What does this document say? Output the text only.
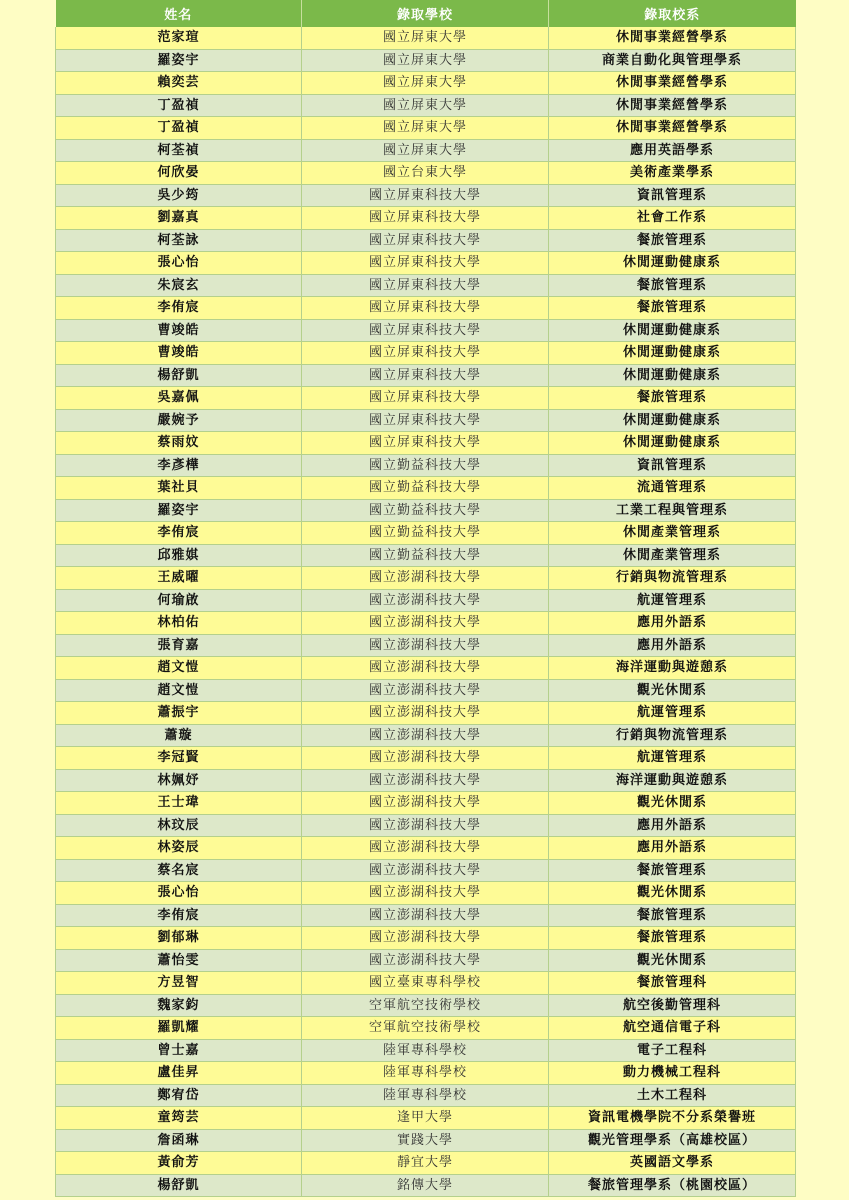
姓名	錄取學校	錄取校系
范家瑄	國立屏東大學	休閒事業經營學系
羅姿宇	國立屏東大學	商業自動化與管理學系
賴奕芸	國立屏東大學	休閒事業經營學系
丁盈禎	國立屏東大學	休閒事業經營學系
丁盈禎	國立屏東大學	休閒事業經營學系
柯荃禎	國立屏東大學	應用英語學系
何欣晏	國立台東大學	美術產業學系
吳少筠	國立屏東科技大學	資訊管理系
劉嘉真	國立屏東科技大學	社會工作系
柯荃詠	國立屏東科技大學	餐旅管理系
張心怡	國立屏東科技大學	休閒運動健康系
朱宸玄	國立屏東科技大學	餐旅管理系
李侑宸	國立屏東科技大學	餐旅管理系
曹竣皓	國立屏東科技大學	休閒運動健康系
曹竣皓	國立屏東科技大學	休閒運動健康系
楊舒凱	國立屏東科技大學	休閒運動健康系
吳嘉佩	國立屏東科技大學	餐旅管理系
嚴婉予	國立屏東科技大學	休閒運動健康系
蔡雨妏	國立屏東科技大學	休閒運動健康系
李彥樺	國立勤益科技大學	資訊管理系
葉社貝	國立勤益科技大學	流通管理系
羅姿宇	國立勤益科技大學	工業工程與管理系
李侑宸	國立勤益科技大學	休閒產業管理系
邱雅娸	國立勤益科技大學	休閒產業管理系
王威曜	國立澎湖科技大學	行銷與物流管理系
何瑜啟	國立澎湖科技大學	航運管理系
林柏佑	國立澎湖科技大學	應用外語系
張育嘉	國立澎湖科技大學	應用外語系
趙文愷	國立澎湖科技大學	海洋運動與遊憩系
趙文愷	國立澎湖科技大學	觀光休閒系
蕭振宇	國立澎湖科技大學	航運管理系
蕭璇	國立澎湖科技大學	行銷與物流管理系
李冠賢	國立澎湖科技大學	航運管理系
林姵妤	國立澎湖科技大學	海洋運動與遊憩系
王士瑋	國立澎湖科技大學	觀光休閒系
林玟辰	國立澎湖科技大學	應用外語系
林姿辰	國立澎湖科技大學	應用外語系
蔡名宸	國立澎湖科技大學	餐旅管理系
張心怡	國立澎湖科技大學	觀光休閒系
李侑宸	國立澎湖科技大學	餐旅管理系
劉郁琳	國立澎湖科技大學	餐旅管理系
蕭怡雯	國立澎湖科技大學	觀光休閒系
方昱智	國立臺東專科學校	餐旅管理科
魏家鈞	空軍航空技術學校	航空後勤管理科
羅凱耀	空軍航空技術學校	航空通信電子科
曾士嘉	陸軍專科學校	電子工程科
盧佳昇	陸軍專科學校	動力機械工程科
鄭宥岱	陸軍專科學校	土木工程科
童筠芸	逢甲大學	資訊電機學院不分系榮譽班
詹函琳	實踐大學	觀光管理學系（高雄校區）
黃俞芳	靜宜大學	英國語文學系
楊舒凱	銘傳大學	餐旅管理學系（桃園校區）
